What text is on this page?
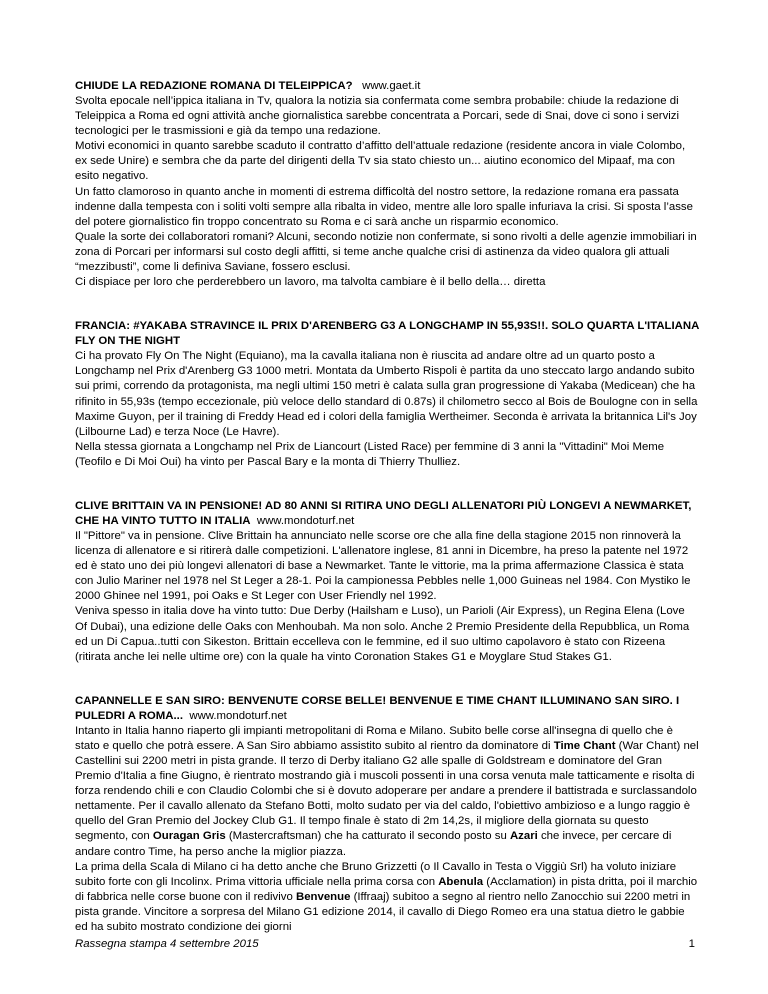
CHIUDE LA REDAZIONE ROMANA DI TELEIPPICA? www.gaet.it

Svolta epocale nell’ippica italiana in Tv, qualora la notizia sia confermata come sembra probabile: chiude la redazione di Teleippica a Roma ed ogni attività anche giornalistica sarebbe concentrata a Porcari, sede di Snai, dove ci sono i servizi tecnologici per le trasmissioni e già da tempo una redazione.

Motivi economici in quanto sarebbe scaduto il contratto d’affitto dell’attuale redazione (residente ancora in viale Colombo, ex sede Unire) e sembra che da parte del dirigenti della Tv sia stato chiesto un... aiutino economico del Mipaaf, ma con esito negativo.

Un fatto clamoroso in quanto anche in momenti di estrema difficoltà del nostro settore, la redazione romana era passata indenne dalla tempesta con i soliti volti sempre alla ribalta in video, mentre alle loro spalle infuriava la crisi. Si sposta l’asse del potere giornalistico fin troppo concentrato su Roma e ci sarà anche un risparmio economico.

Quale la sorte dei collaboratori romani? Alcuni, secondo notizie non confermate, si sono rivolti a delle agenzie immobiliari in zona di Porcari per informarsi sul costo degli affitti, si teme anche qualche crisi di astinenza da video qualora gli attuali “mezzibusti”, come li definiva Saviane, fossero esclusi.

Ci dispiace per loro che perderebbero un lavoro, ma talvolta cambiare è il bello della… diretta

FRANCIA: #YAKABA STRAVINCE IL PRIX D'ARENBERG G3 A LONGCHAMP IN 55,93S!!. SOLO QUARTA L'ITALIANA FLY ON THE NIGHT

Ci ha provato Fly On The Night (Equiano), ma la cavalla italiana non è riuscita ad andare oltre ad un quarto posto a Longchamp nel Prix d'Arenberg G3 1000 metri. Montata da Umberto Rispoli è partita da uno steccato largo andando subito sui primi, correndo da protagonista, ma negli ultimi 150 metri è calata sulla gran progressione di Yakaba (Medicean) che ha rifinito in 55,93s (tempo eccezionale, più veloce dello standard di 0.87s) il chilometro secco al Bois de Boulogne con in sella Maxime Guyon, per il training di Freddy Head ed i colori della famiglia Wertheimer. Seconda è arrivata la britannica Lil's Joy (Lilbourne Lad) e terza Noce (Le Havre).

Nella stessa giornata a Longchamp nel Prix de Liancourt (Listed Race) per femmine di 3 anni la "Vittadini" Moi Meme (Teofilo e Di Moi Oui) ha vinto per Pascal Bary e la monta di Thierry Thulliez.

CLIVE BRITTAIN VA IN PENSIONE! AD 80 ANNI SI RITIRA UNO DEGLI ALLENATORI PIÙ LONGEVI A NEWMARKET, CHE HA VINTO TUTTO IN ITALIA www.mondoturf.net

Il "Pittore" va in pensione. Clive Brittain ha annunciato nelle scorse ore che alla fine della stagione 2015 non rinnoverà la licenza di allenatore e si ritirerà dalle competizioni. L'allenatore inglese, 81 anni in Dicembre, ha preso la patente nel 1972 ed è stato uno dei più longevi allenatori di base a Newmarket. Tante le vittorie, ma la prima affermazione Classica è stata con Julio Mariner nel 1978 nel St Leger a 28-1. Poi la campionessa Pebbles nelle 1,000 Guineas nel 1984. Con Mystiko le 2000 Ghinee nel 1991, poi Oaks e St Leger con User Friendly nel 1992.

Veniva spesso in italia dove ha vinto tutto: Due Derby (Hailsham e Luso), un Parioli (Air Express), un Regina Elena (Love Of Dubai), una edizione delle Oaks con Menhoubah. Ma non solo. Anche 2 Premio Presidente della Repubblica, un Roma ed un Di Capua..tutti con Sikeston. Brittain eccelleva con le femmine, ed il suo ultimo capolavoro è stato con Rizeena (ritirata anche lei nelle ultime ore) con la quale ha vinto Coronation Stakes G1 e Moyglare Stud Stakes G1.

CAPANNELLE E SAN SIRO: BENVENUTE CORSE BELLE! BENVENUE E TIME CHANT ILLUMINANO SAN SIRO. I PULEDRI A ROMA... www.mondoturf.net

Intanto in Italia hanno riaperto gli impianti metropolitani di Roma e Milano. Subito belle corse all'insegna di quello che è stato e quello che potrà essere. A San Siro abbiamo assistito subito al rientro da dominatore di Time Chant (War Chant) nel Castellini sui 2200 metri in pista grande. Il terzo di Derby italiano G2 alle spalle di Goldstream e dominatore del Gran Premio d'Italia a fine Giugno, è rientrato mostrando già i muscoli possenti in una corsa venuta male tatticamente e risolta di forza rendendo chili e con Claudio Colombi che si è dovuto adoperare per andare a prendere il battistrada e surclassandolo nettamente. Per il cavallo allenato da Stefano Botti, molto sudato per via del caldo, l'obiettivo ambizioso e a lungo raggio è quello del Gran Premio del Jockey Club G1. Il tempo finale è stato di 2m 14,2s, il migliore della giornata su questo segmento, con Ouragan Gris (Mastercraftsman) che ha catturato il secondo posto su Azari che invece, per cercare di andare contro Time, ha perso anche la miglior piazza.

La prima della Scala di Milano ci ha detto anche che Bruno Grizzetti (o Il Cavallo in Testa o Viggiù Srl) ha voluto iniziare subito forte con gli Incolinx. Prima vittoria ufficiale nella prima corsa con Abenula (Acclamation) in pista dritta, poi il marchio di fabbrica nelle corse buone con il redivivo Benvenue (Iffraaj) subitoo a segno al rientro nello Zanocchio sui 2200 metri in pista grande. Vincitore a sorpresa del Milano G1 edizione 2014, il cavallo di Diego Romeo era una statua dietro le gabbie ed ha subito mostrato condizione dei giorni

Rassegna stampa 4 settembre 2015	1
